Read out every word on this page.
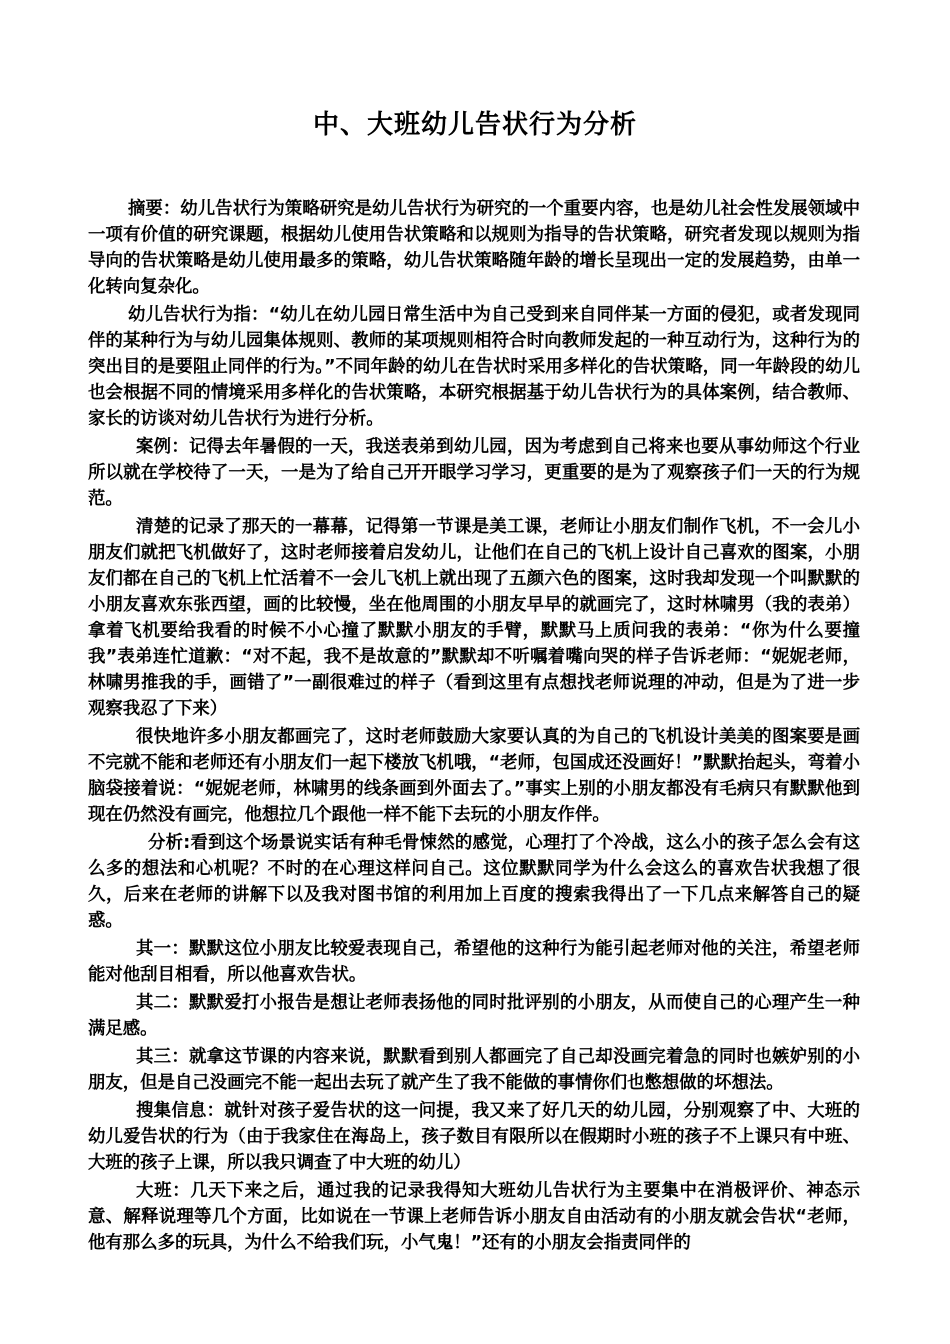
中、大班幼儿告状行为分析

摘要：幼儿告状行为策略研究是幼儿告状行为研究的一个重要内容，也是幼儿社会性发展领域中一项有价值的研究课题，根据幼儿使用告状策略和以规则为指导的告状策略，研究者发现以规则为指导向的告状策略是幼儿使用最多的策略，幼儿告状策略随年龄的增长呈现出一定的发展趋势，由单一化转向复杂化。

幼儿告状行为指：“幼儿在幼儿园日常生活中为自己受到来自同伴某一方面的侵犯，或者发现同伴的某种行为与幼儿园集体规则、教师的某项规则相符合时向教师发起的一种互动行为，这种行为的突出目的是要阻止同伴的行为。”不同年龄的幼儿在告状时采用多样化的告状策略，同一年龄段的幼儿也会根据不同的情境采用多样化的告状策略，本研究根据基于幼儿告状行为的具体案例，结合教师、家长的访谈对幼儿告状行为进行分析。

案例：记得去年暑假的一天，我送表弟到幼儿园，因为考虑到自己将来也要从事幼师这个行业所以就在学校待了一天，一是为了给自己开开眼学习学习，更重要的是为了观察孩子们一天的行为规范。

清楚的记录了那天的一幕幕，记得第一节课是美工课，老师让小朋友们制作飞机，不一会儿小朋友们就把飞机做好了，这时老师接着启发幼儿，让他们在自己的飞机上设计自己喜欢的图案，小朋友们都在自己的飞机上忙活着不一会儿飞机上就出现了五颜六色的图案，这时我却发现一个叫默默的小朋友喜欢东张西望，画的比较慢，坐在他周围的小朋友早早的就画完了，这时林啸男（我的表弟）拿着飞机要给我看的时候不小心撞了默默小朋友的手臂，默默马上质问我的表弟：“你为什么要撞我”表弟连忙道歉：“对不起，我不是故意的”默默却不听嘱着嘴向哭的样子告诉老师：“妮妮老师，林啸男推我的手，画错了”一副很难过的样子（看到这里有点想找老师说理的冲动，但是为了进一步观察我忍了下来）

很快地许多小朋友都画完了，这时老师鼓励大家要认真的为自己的飞机设计美美的图案要是画不完就不能和老师还有小朋友们一起下楼放飞机哦，“老师，包国成还没画好！”默默抬起头，弯着小脑袋接着说：“妮妮老师，林啸男的线条画到外面去了。”事实上别的小朋友都没有毛病只有默默他到现在仍然没有画完，他想拉几个跟他一样不能下去玩的小朋友作伴。

分析:看到这个场景说实话有种毛骨悚然的感觉，心理打了个冷战，这么小的孩子怎么会有这么多的想法和心机呢？不时的在心理这样问自己。这位默默同学为什么会这么的喜欢告状我想了很久，后来在老师的讲解下以及我对图书馆的利用加上百度的搜索我得出了一下几点来解答自己的疑惑。

其一：默默这位小朋友比较爱表现自己，希望他的这种行为能引起老师对他的关注，希望老师能对他刮目相看，所以他喜欢告状。

其二：默默爱打小报告是想让老师表扬他的同时批评别的小朋友，从而使自己的心理产生一种满足感。

其三：就拿这节课的内容来说，默默看到别人都画完了自己却没画完着急的同时也嫉妒别的小朋友，但是自己没画完不能一起出去玩了就产生了我不能做的事情你们也憋想做的坏想法。

搜集信息：就针对孩子爱告状的这一问提，我又来了好几天的幼儿园，分别观察了中、大班的幼儿爱告状的行为（由于我家住在海岛上，孩子数目有限所以在假期时小班的孩子不上课只有中班、大班的孩子上课，所以我只调查了中大班的幼儿）

大班：几天下来之后，通过我的记录我得知大班幼儿告状行为主要集中在消极评价、神态示意、解释说理等几个方面，比如说在一节课上老师告诉小朋友自由活动有的小朋友就会告状“老师，他有那么多的玩具，为什么不给我们玩，小气鬼！”还有的小朋友会指责同伴的
